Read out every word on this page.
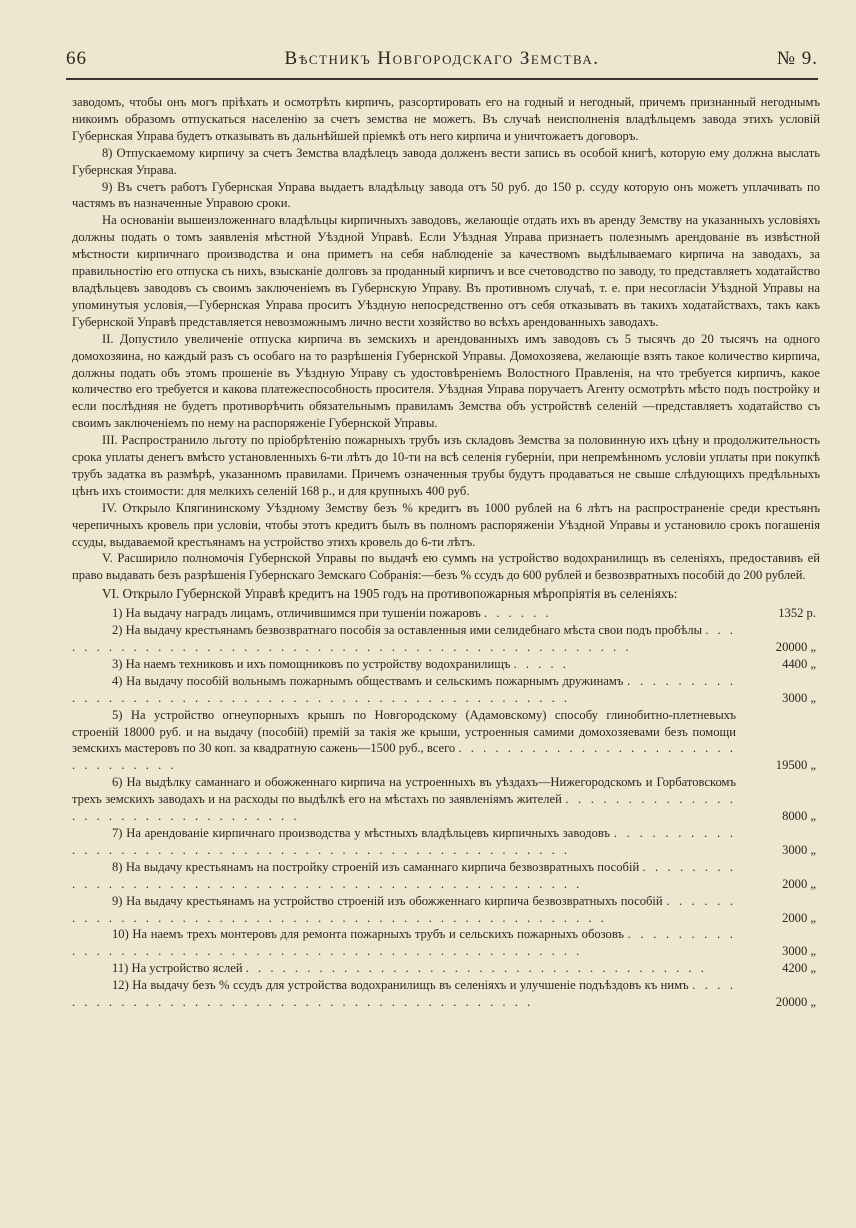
66	Вѣстникъ Новгородскаго Земства.	№ 9.

заводомъ, чтобы онъ могъ пріѣхать и осмотрѣть кирпичъ, разсортировать его на годный и негодный, причемъ признанный негоднымъ никоимъ образомъ отпускаться населенію за счетъ земства не можетъ. Въ случаѣ неисполненія владѣльцемъ завода этихъ условій Губернская Управа будетъ отказывать въ дальнѣйшей пріемкѣ отъ него кирпича и уничтожаетъ договоръ.

8) Отпускаемому кирпичу за счетъ Земства владѣлецъ завода долженъ вести запись въ особой книгѣ, которую ему должна выслать Губернская Управа.

9) Въ счетъ работъ Губернская Управа выдаетъ владѣльцу завода отъ 50 руб. до 150 р. ссуду которую онъ можетъ уплачивать по частямъ въ назначенные Управою сроки.

На основаніи вышеизложеннаго владѣльцы кирпичныхъ заводовъ, желающіе отдать ихъ въ аренду Земству на указанныхъ условіяхъ должны подать о томъ заявленія мѣстной Уѣздной Управѣ. Если Уѣздная Управа признаетъ полезнымъ арендованіе въ извѣстной мѣстности кирпичнаго производства и она приметъ на себя наблюденіе за качествомъ выдѣлываемаго кирпича на заводахъ, за правильностію его отпуска съ нихъ, взысканіе долговъ за проданный кирпичъ и все счетоводство по заводу, то представляетъ ходатайство владѣльцевъ заводовъ съ своимъ заключеніемъ въ Губернскую Управу. Въ противномъ случаѣ, т. е. при несогласіи Уѣздной Управы на упоминутыя условія,—Губернская Управа проситъ Уѣздную непосредственно отъ себя отказывать въ такихъ ходатайствахъ, такъ какъ Губернской Управѣ представляется невозможнымъ лично вести хозяйство во всѣхъ арендованныхъ заводахъ.

II. Допустило увеличеніе отпуска кирпича въ земскихъ и арендованныхъ имъ заводовъ съ 5 тысячъ до 20 тысячъ на одного домохозяина, но каждый разъ съ особаго на то разрѣшенія Губернской Управы. Домохозяева, желающіе взять такое количество кирпича, должны подать объ этомъ прошеніе въ Уѣздную Управу съ удостовѣреніемъ Волостного Правленія, на что требуется кирпичъ, какое количество его требуется и какова платежеспособность просителя. Уѣздная Управа поручаетъ Агенту осмотрѣть мѣсто подъ постройку и если послѣдняя не будетъ противорѣчить обязательнымъ правиламъ Земства объ устройствѣ селеній —представляетъ ходатайство съ своимъ заключеніемъ по нему на распоряженіе Губернской Управы.

III. Распространило льготу по пріобрѣтенію пожарныхъ трубъ изъ складовъ Земства за половинную ихъ цѣну и продолжительность срока уплаты денегъ вмѣсто установленныхъ 6-ти лѣтъ до 10-ти на всѣ селенія губерніи, при непремѣнномъ условіи уплаты при покупкѣ трубъ задатка въ размѣрѣ, указанномъ правилами. Причемъ означенныя трубы будутъ продаваться не свыше слѣдующихъ предѣльныхъ цѣнъ ихъ стоимости: для мелкихъ селеній 168 р., и для крупныхъ 400 руб.

IV. Открыло Кпягининскому Уѣздному Земству безъ % кредитъ въ 1000 рублей на 6 лѣтъ на распространеніе среди крестьянъ черепичныхъ кровель при условіи, чтобы этотъ кредитъ былъ въ полномъ распоряженіи Уѣздной Управы и установило срокъ погашенія ссуды, выдаваемой крестьянамъ на устройство этихъ кровель до 6-ти лѣтъ.

V. Расширило полномочія Губернской Управы по выдачѣ ею суммъ на устройство водохранилищъ въ селеніяхъ, предоставивъ ей право выдавать безъ разрѣшенія Губернскаго Земскаго Собранія:—безъ % ссудъ до 600 рублей и безвозвратныхъ пособій до 200 рублей.

VI. Открыло Губернской Управѣ кредитъ на 1905 годъ на противопожарныя мѣропріятія въ селеніяхъ:

1) На выдачу наградъ лицамъ, отличившимся при тушеніи пожаровъ . . . . . .	1352 р.
2) На выдачу крестьянамъ безвозвратнаго пособія за оставленныя ими селидебнаго мѣста свои подъ пробѣлы . . . . . . . . . . . . . . . . . . . . . . . . . . . . . . . . . . . . . . . . . . . . . . . . .	20000 „
3) На наемъ техниковъ и ихъ помощниковъ по устройству водохранилищъ . . . . .	4400 „
4) На выдачу пособій вольнымъ пожарнымъ обществамъ и сельскимъ пожарнымъ дружинамъ . . . . . . . . . . . . . . . . . . . . . . . . . . . . . . . . . . . . . . . . . . . . . . . . . .	3000 „
5) На устройство огнеупорныхъ крышъ по Новгородскому (Адамовскому) способу глинобитно-плетневыхъ строеній 18000 руб. и на выдачу (пособій) премій за такія же крыши, устроенныя самими домохозяевами безъ помощи земскихъ мастеровъ по 30 коп. за квадратную сажень—1500 руб., всего . . . . . . . . . . . . . . . . . . . . . . . . . . . . . . . .	19500 „
6) На выдѣлку саманнаго и обожженнаго кирпича на устроенныхъ въ уѣздахъ—Нижегородскомъ и Горбатовскомъ трехъ земскихъ заводахъ и на расходы по выдѣлкѣ его на мѣстахъ по заявленіямъ жителей . . . . . . . . . . . . . . . . . . . . . . . . . . . . . . . . .	8000 „
7) На арендованіе кирпичнаго производства у мѣстныхъ владѣльцевъ кирпичныхъ заводовъ . . . . . . . . . . . . . . . . . . . . . . . . . . . . . . . . . . . . . . . . . . . . . . . . . . .	3000 „
8) На выдачу крестьянамъ на постройку строеній изъ саманнаго кирпича безвозвратныхъ пособій . . . . . . . . . . . . . . . . . . . . . . . . . . . . . . . . . . . . . . . . . . . . . . . . . .	2000 „
9) На выдачу крестьянамъ на устройство строеній изъ обожженнаго кирпича безвозвратныхъ пособій . . . . . . . . . . . . . . . . . . . . . . . . . . . . . . . . . . . . . . . . . . . . . . . . . .	2000 „
10) На наемъ трехъ монтеровъ для ремонта пожарныхъ трубъ и сельскихъ пожарныхъ обозовъ . . . . . . . . . . . . . . . . . . . . . . . . . . . . . . . . . . . . . . . . . . . . . . . . . . .	3000 „
11) На устройство яслей . . . . . . . . . . . . . . . . . . . . . . . . . . . . . . . . . . . . . .	4200 „
12) На выдачу безъ % ссудъ для устройства водохранилищъ въ селеніяхъ и улучшеніе подъѣздовъ къ нимъ . . . . . . . . . . . . . . . . . . . . . . . . . . . . . . . . . . . . . . . . . .	20000 „
